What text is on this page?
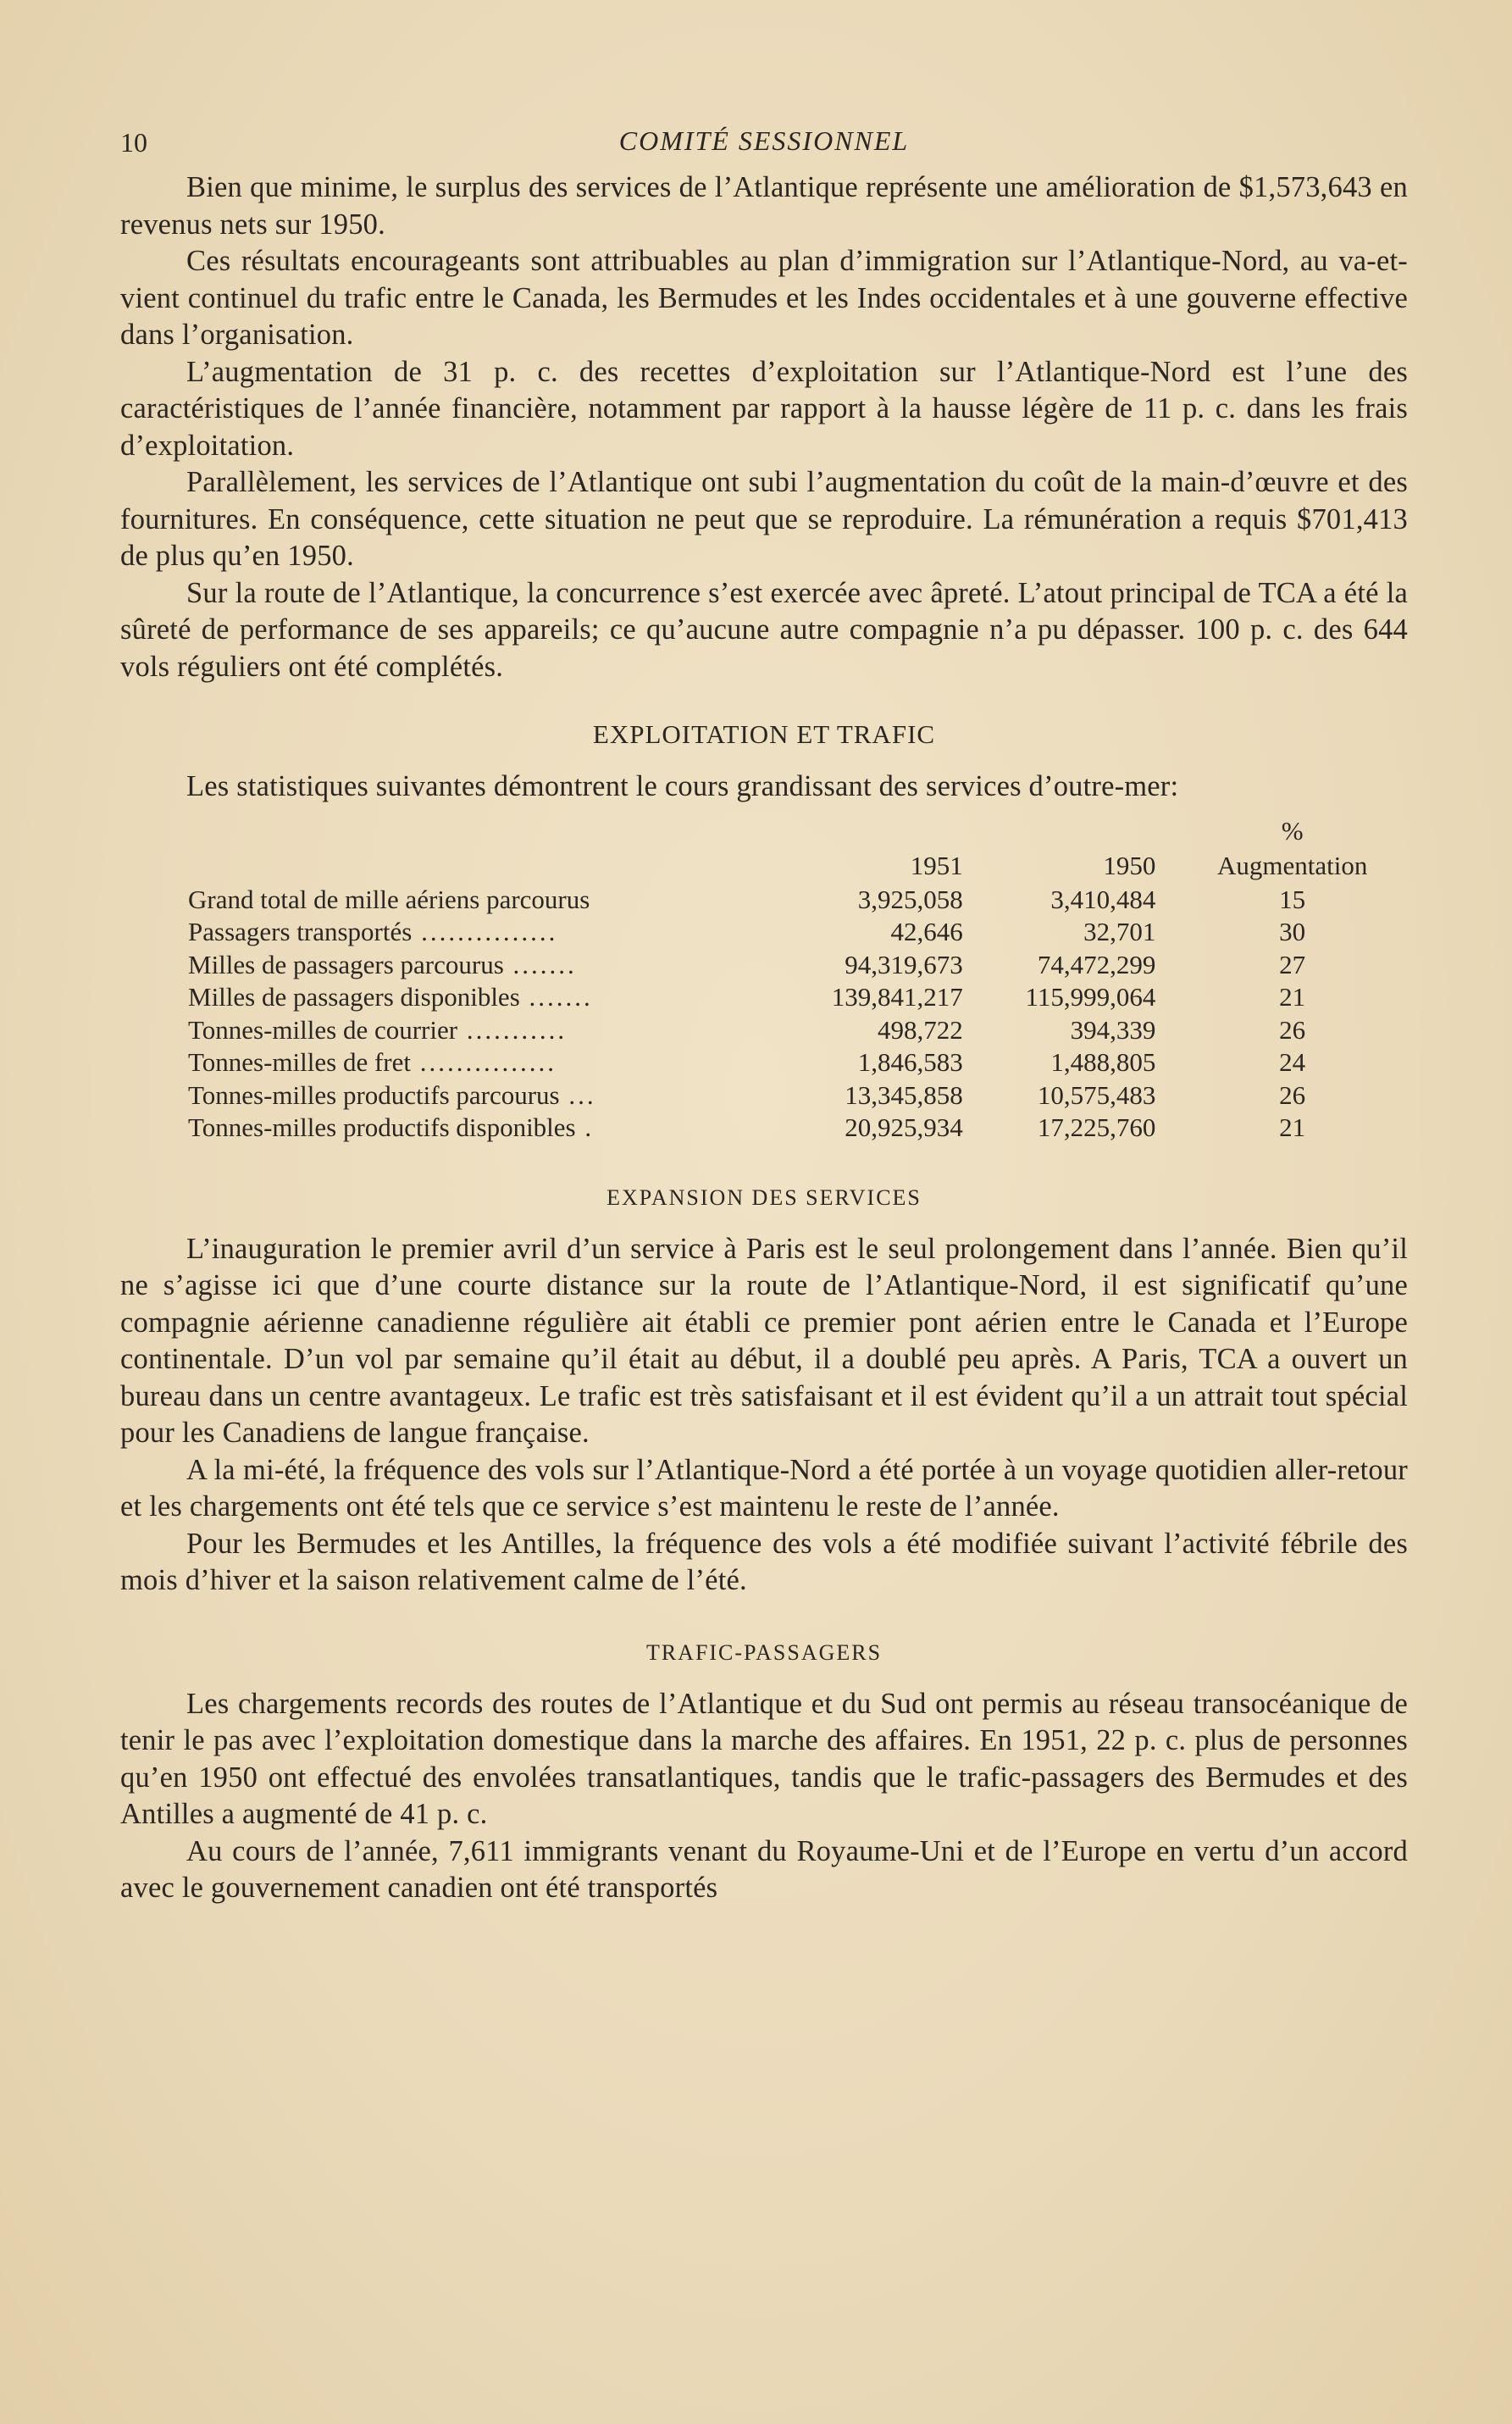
10	COMITÉ SESSIONNEL

Bien que minime, le surplus des services de l’Atlantique représente une amélioration de $1,573,643 en revenus nets sur 1950.

Ces résultats encourageants sont attribuables au plan d’immigration sur l’Atlantique-Nord, au va-et-vient continuel du trafic entre le Canada, les Bermudes et les Indes occidentales et à une gouverne effective dans l’organisation.

L’augmentation de 31 p. c. des recettes d’exploitation sur l’Atlantique-Nord est l’une des caractéristiques de l’année financière, notamment par rapport à la hausse légère de 11 p. c. dans les frais d’exploitation.

Parallèlement, les services de l’Atlantique ont subi l’augmentation du coût de la main-d’œuvre et des fournitures. En conséquence, cette situation ne peut que se reproduire. La rémunération a requis $701,413 de plus qu’en 1950.

Sur la route de l’Atlantique, la concurrence s’est exercée avec âpreté. L’atout principal de TCA a été la sûreté de performance de ses appareils; ce qu’aucune autre compagnie n’a pu dépasser. 100 p. c. des 644 vols réguliers ont été complétés.

EXPLOITATION ET TRAFIC

Les statistiques suivantes démontrent le cours grandissant des services d’outre-mer:

			%
	1951	1950	Augmentation
Grand total de mille aériens parcourus	3,925,058	3,410,484	15
Passagers transportés ...............	42,646	32,701	30
Milles de passagers parcourus .......	94,319,673	74,472,299	27
Milles de passagers disponibles .......	139,841,217	115,999,064	21
Tonnes-milles de courrier ...........	498,722	394,339	26
Tonnes-milles de fret ...............	1,846,583	1,488,805	24
Tonnes-milles productifs parcourus ...	13,345,858	10,575,483	26
Tonnes-milles productifs disponibles .	20,925,934	17,225,760	21
EXPANSION DES SERVICES

L’inauguration le premier avril d’un service à Paris est le seul prolongement dans l’année. Bien qu’il ne s’agisse ici que d’une courte distance sur la route de l’Atlantique-Nord, il est significatif qu’une compagnie aérienne canadienne régulière ait établi ce premier pont aérien entre le Canada et l’Europe continentale. D’un vol par semaine qu’il était au début, il a doublé peu après. A Paris, TCA a ouvert un bureau dans un centre avantageux. Le trafic est très satisfaisant et il est évident qu’il a un attrait tout spécial pour les Canadiens de langue française.

A la mi-été, la fréquence des vols sur l’Atlantique-Nord a été portée à un voyage quotidien aller-retour et les chargements ont été tels que ce service s’est maintenu le reste de l’année.

Pour les Bermudes et les Antilles, la fréquence des vols a été modifiée suivant l’activité fébrile des mois d’hiver et la saison relativement calme de l’été.

TRAFIC-PASSAGERS

Les chargements records des routes de l’Atlantique et du Sud ont permis au réseau transocéanique de tenir le pas avec l’exploitation domestique dans la marche des affaires. En 1951, 22 p. c. plus de personnes qu’en 1950 ont effectué des envolées transatlantiques, tandis que le trafic-passagers des Bermudes et des Antilles a augmenté de 41 p. c.

Au cours de l’année, 7,611 immigrants venant du Royaume-Uni et de l’Europe en vertu d’un accord avec le gouvernement canadien ont été transportés
